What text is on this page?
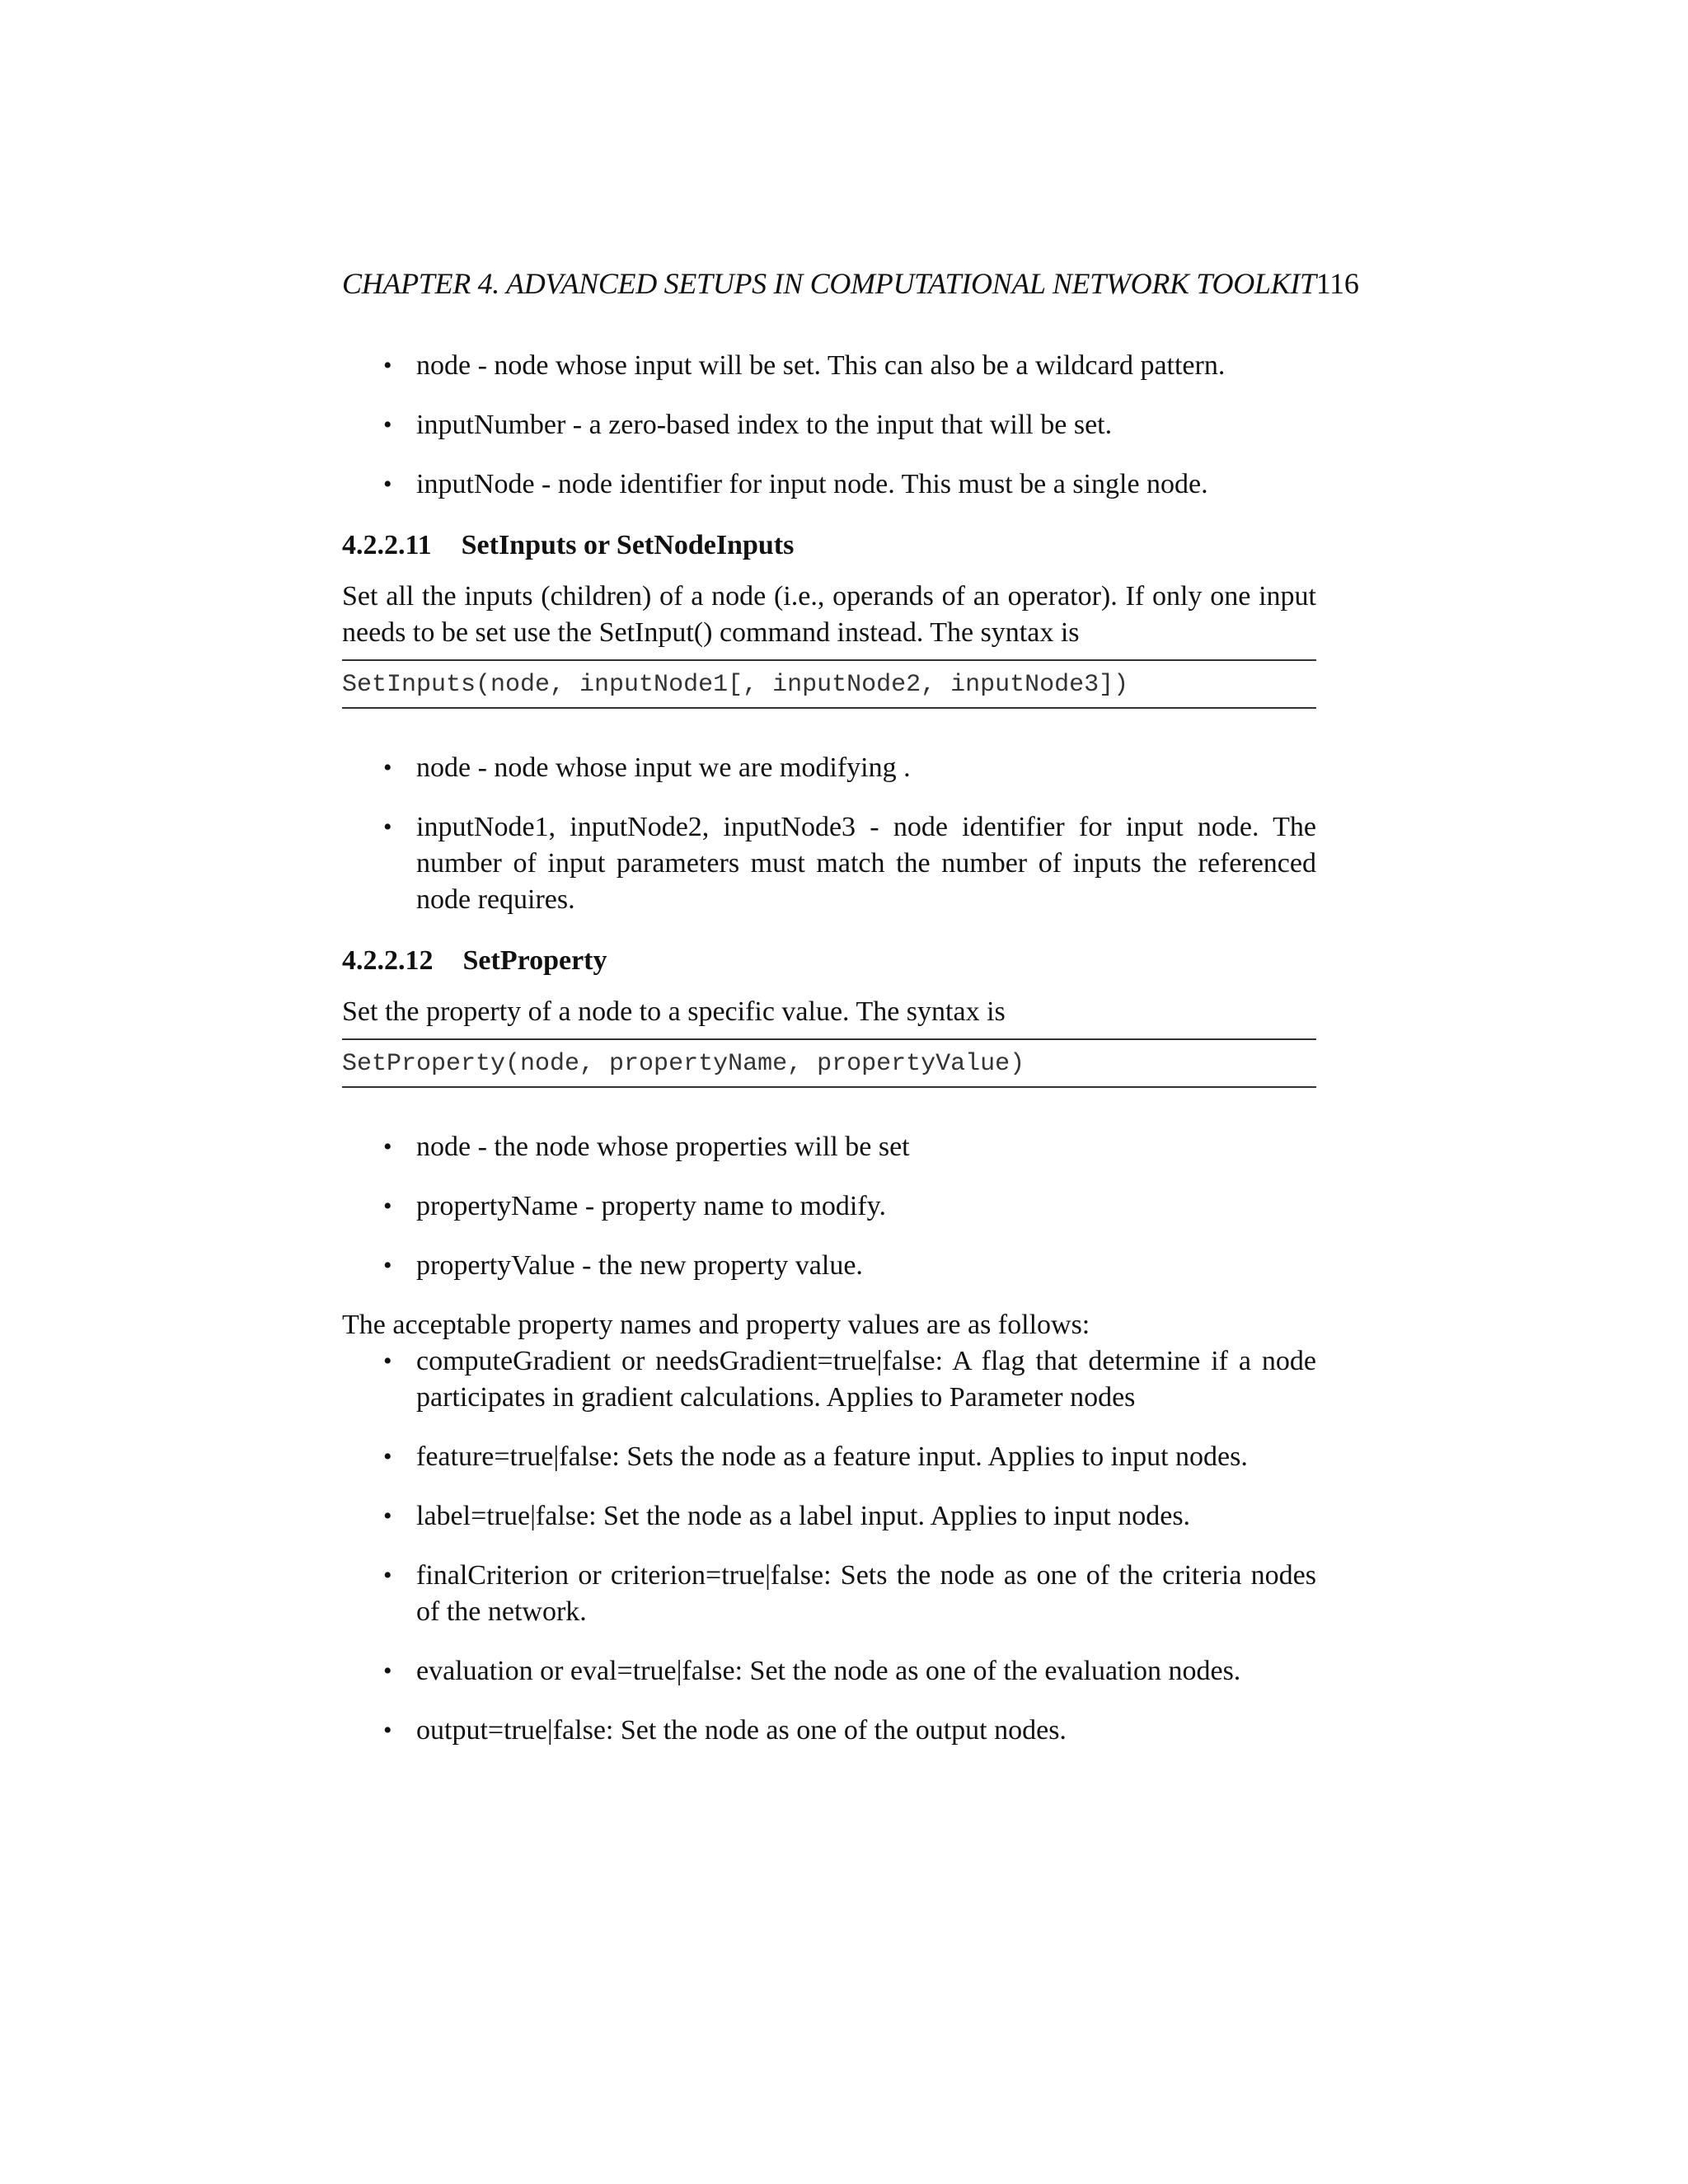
CHAPTER 4. ADVANCED SETUPS IN COMPUTATIONAL NETWORK TOOLKIT116
• node - node whose input will be set. This can also be a wildcard pattern.
• inputNumber - a zero-based index to the input that will be set.
• inputNode - node identifier for input node. This must be a single node.
4.2.2.11 SetInputs or SetNodeInputs

Set all the inputs (children) of a node (i.e., operands of an operator). If only one input needs to be set use the SetInput() command instead. The syntax is

SetInputs(node, inputNode1[, inputNode2, inputNode3])
• node - node whose input we are modifying .
• inputNode1, inputNode2, inputNode3 - node identifier for input node. The number of input parameters must match the number of inputs the referenced node requires.
4.2.2.12 SetProperty

Set the property of a node to a specific value. The syntax is

SetProperty(node, propertyName, propertyValue)
• node - the node whose properties will be set
• propertyName - property name to modify.
• propertyValue - the new property value.

The acceptable property names and property values are as follows:

• computeGradient or needsGradient=true|false: A flag that determine if a node participates in gradient calculations. Applies to Parameter nodes
• feature=true|false: Sets the node as a feature input. Applies to input nodes.
• label=true|false: Set the node as a label input. Applies to input nodes.
• finalCriterion or criterion=true|false: Sets the node as one of the criteria nodes of the network.
• evaluation or eval=true|false: Set the node as one of the evaluation nodes.
• output=true|false: Set the node as one of the output nodes.
